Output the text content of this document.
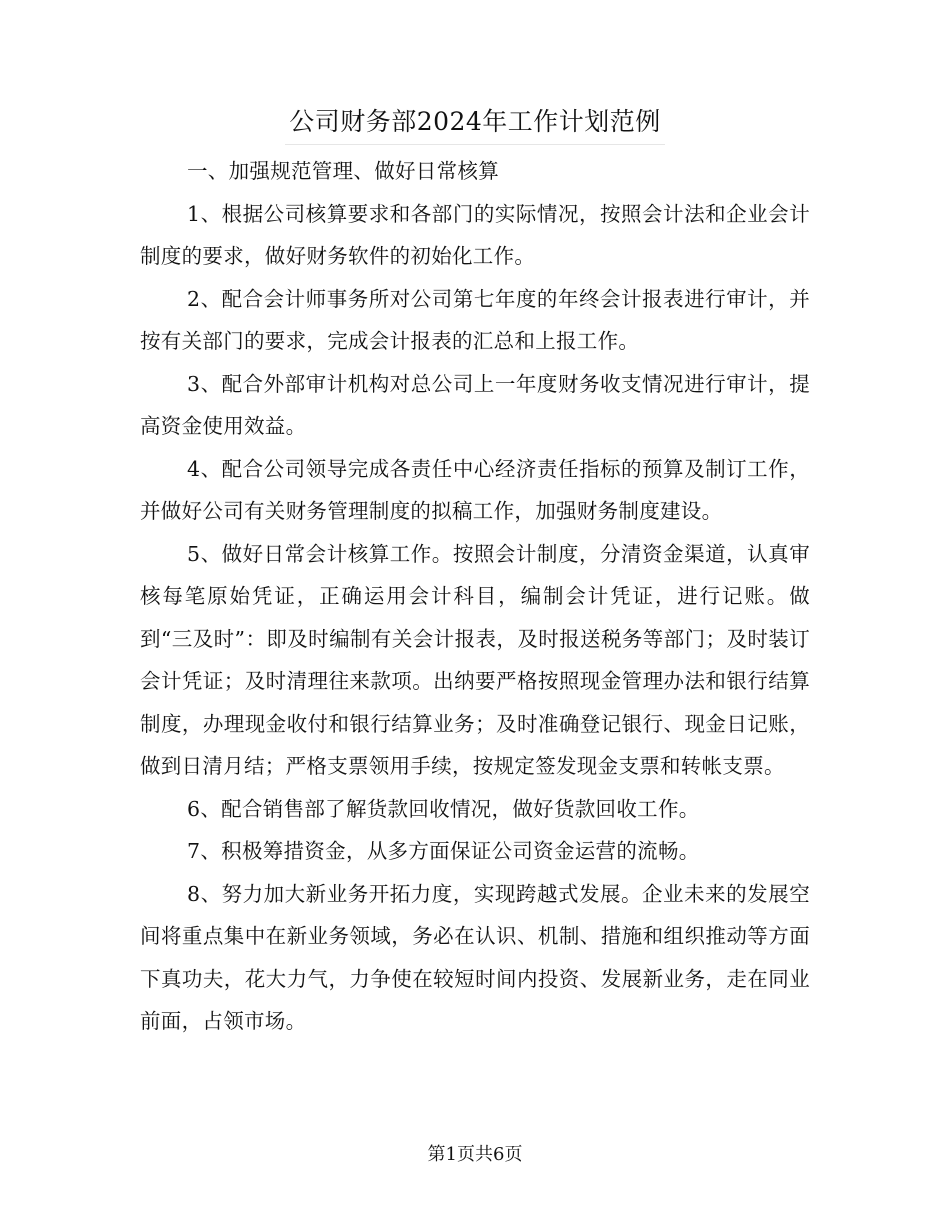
公司财务部2024年工作计划范例

一、加强规范管理、做好日常核算

1、根据公司核算要求和各部门的实际情况，按照会计法和企业会计制度的要求，做好财务软件的初始化工作。

2、配合会计师事务所对公司第七年度的年终会计报表进行审计，并按有关部门的要求，完成会计报表的汇总和上报工作。

3、配合外部审计机构对总公司上一年度财务收支情况进行审计，提高资金使用效益。

4、配合公司领导完成各责任中心经济责任指标的预算及制订工作，并做好公司有关财务管理制度的拟稿工作，加强财务制度建设。

5、做好日常会计核算工作。按照会计制度，分清资金渠道，认真审核每笔原始凭证，正确运用会计科目，编制会计凭证，进行记账。做到“三及时”：即及时编制有关会计报表，及时报送税务等部门；及时装订会计凭证；及时清理往来款项。出纳要严格按照现金管理办法和银行结算制度，办理现金收付和银行结算业务；及时准确登记银行、现金日记账，做到日清月结；严格支票领用手续，按规定签发现金支票和转帐支票。

6、配合销售部了解货款回收情况，做好货款回收工作。

7、积极筹措资金，从多方面保证公司资金运营的流畅。

8、努力加大新业务开拓力度，实现跨越式发展。企业未来的发展空间将重点集中在新业务领域，务必在认识、机制、措施和组织推动等方面下真功夫，花大力气，力争使在较短时间内投资、发展新业务，走在同业前面，占领市场。

第1页共6页
